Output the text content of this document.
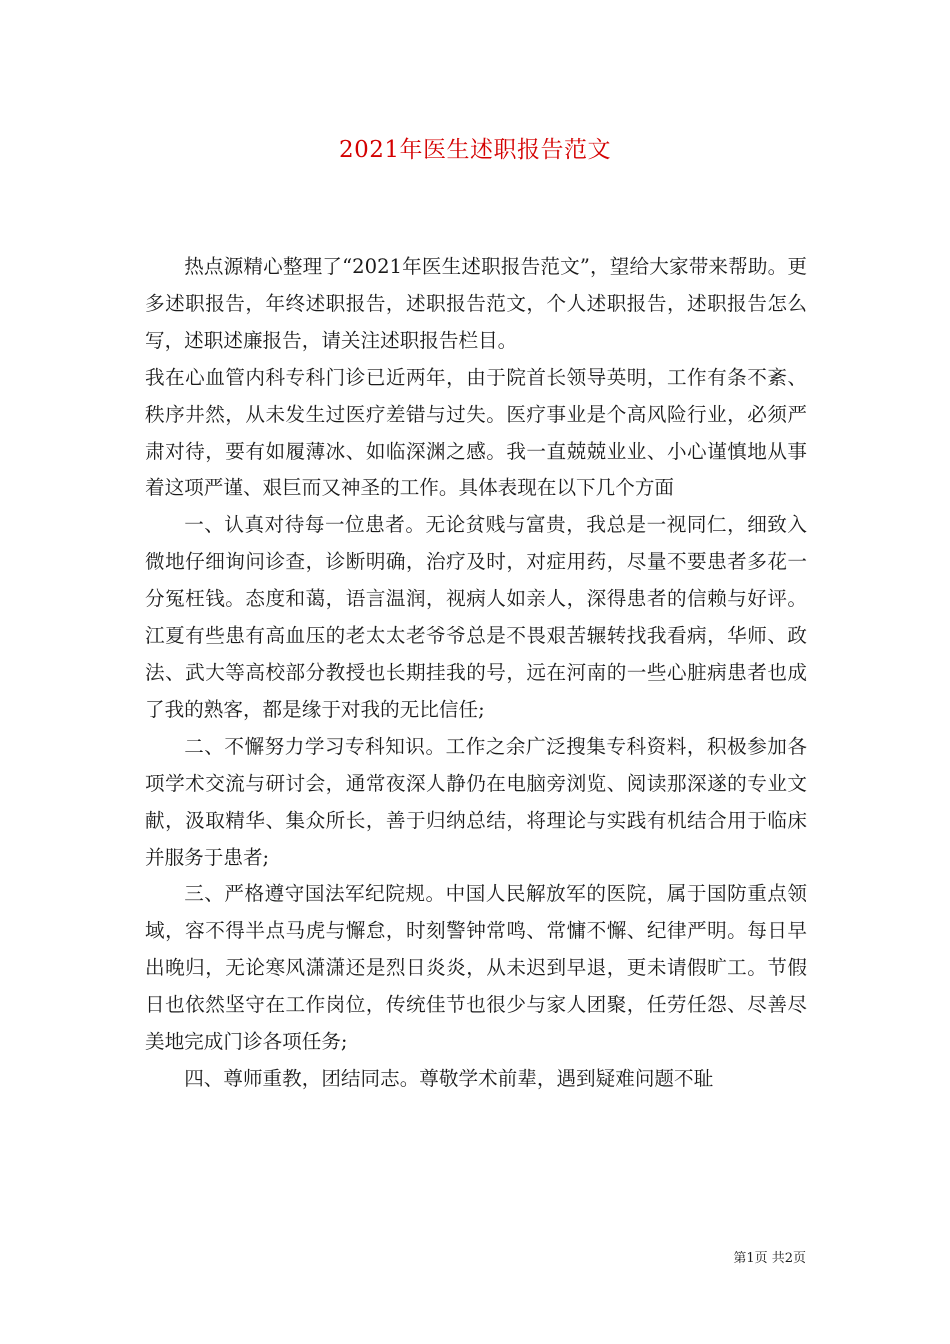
2021年医生述职报告范文

热点源精心整理了“2021年医生述职报告范文”，望给大家带来帮助。更多述职报告，年终述职报告，述职报告范文，个人述职报告，述职报告怎么写，述职述廉报告，请关注述职报告栏目。

我在心血管内科专科门诊已近两年，由于院首长领导英明，工作有条不紊、秩序井然，从未发生过医疗差错与过失。医疗事业是个高风险行业，必须严肃对待，要有如履薄冰、如临深渊之感。我一直兢兢业业、小心谨慎地从事着这项严谨、艰巨而又神圣的工作。具体表现在以下几个方面

一、认真对待每一位患者。无论贫贱与富贵，我总是一视同仁，细致入微地仔细询问诊查，诊断明确，治疗及时，对症用药，尽量不要患者多花一分冤枉钱。态度和蔼，语言温润，视病人如亲人，深得患者的信赖与好评。江夏有些患有高血压的老太太老爷爷总是不畏艰苦辗转找我看病，华师、政法、武大等高校部分教授也长期挂我的号，远在河南的一些心脏病患者也成了我的熟客，都是缘于对我的无比信任;

二、不懈努力学习专科知识。工作之余广泛搜集专科资料，积极参加各项学术交流与研讨会，通常夜深人静仍在电脑旁浏览、阅读那深遂的专业文献，汲取精华、集众所长，善于归纳总结，将理论与实践有机结合用于临床并服务于患者;

三、严格遵守国法军纪院规。中国人民解放军的医院，属于国防重点领域，容不得半点马虎与懈怠，时刻警钟常鸣、常慵不懈、纪律严明。每日早出晚归，无论寒风潇潇还是烈日炎炎，从未迟到早退，更未请假旷工。节假日也依然坚守在工作岗位，传统佳节也很少与家人团聚，任劳任怨、尽善尽美地完成门诊各项任务;

四、尊师重教，团结同志。尊敬学术前辈，遇到疑难问题不耻

第1页 共2页
